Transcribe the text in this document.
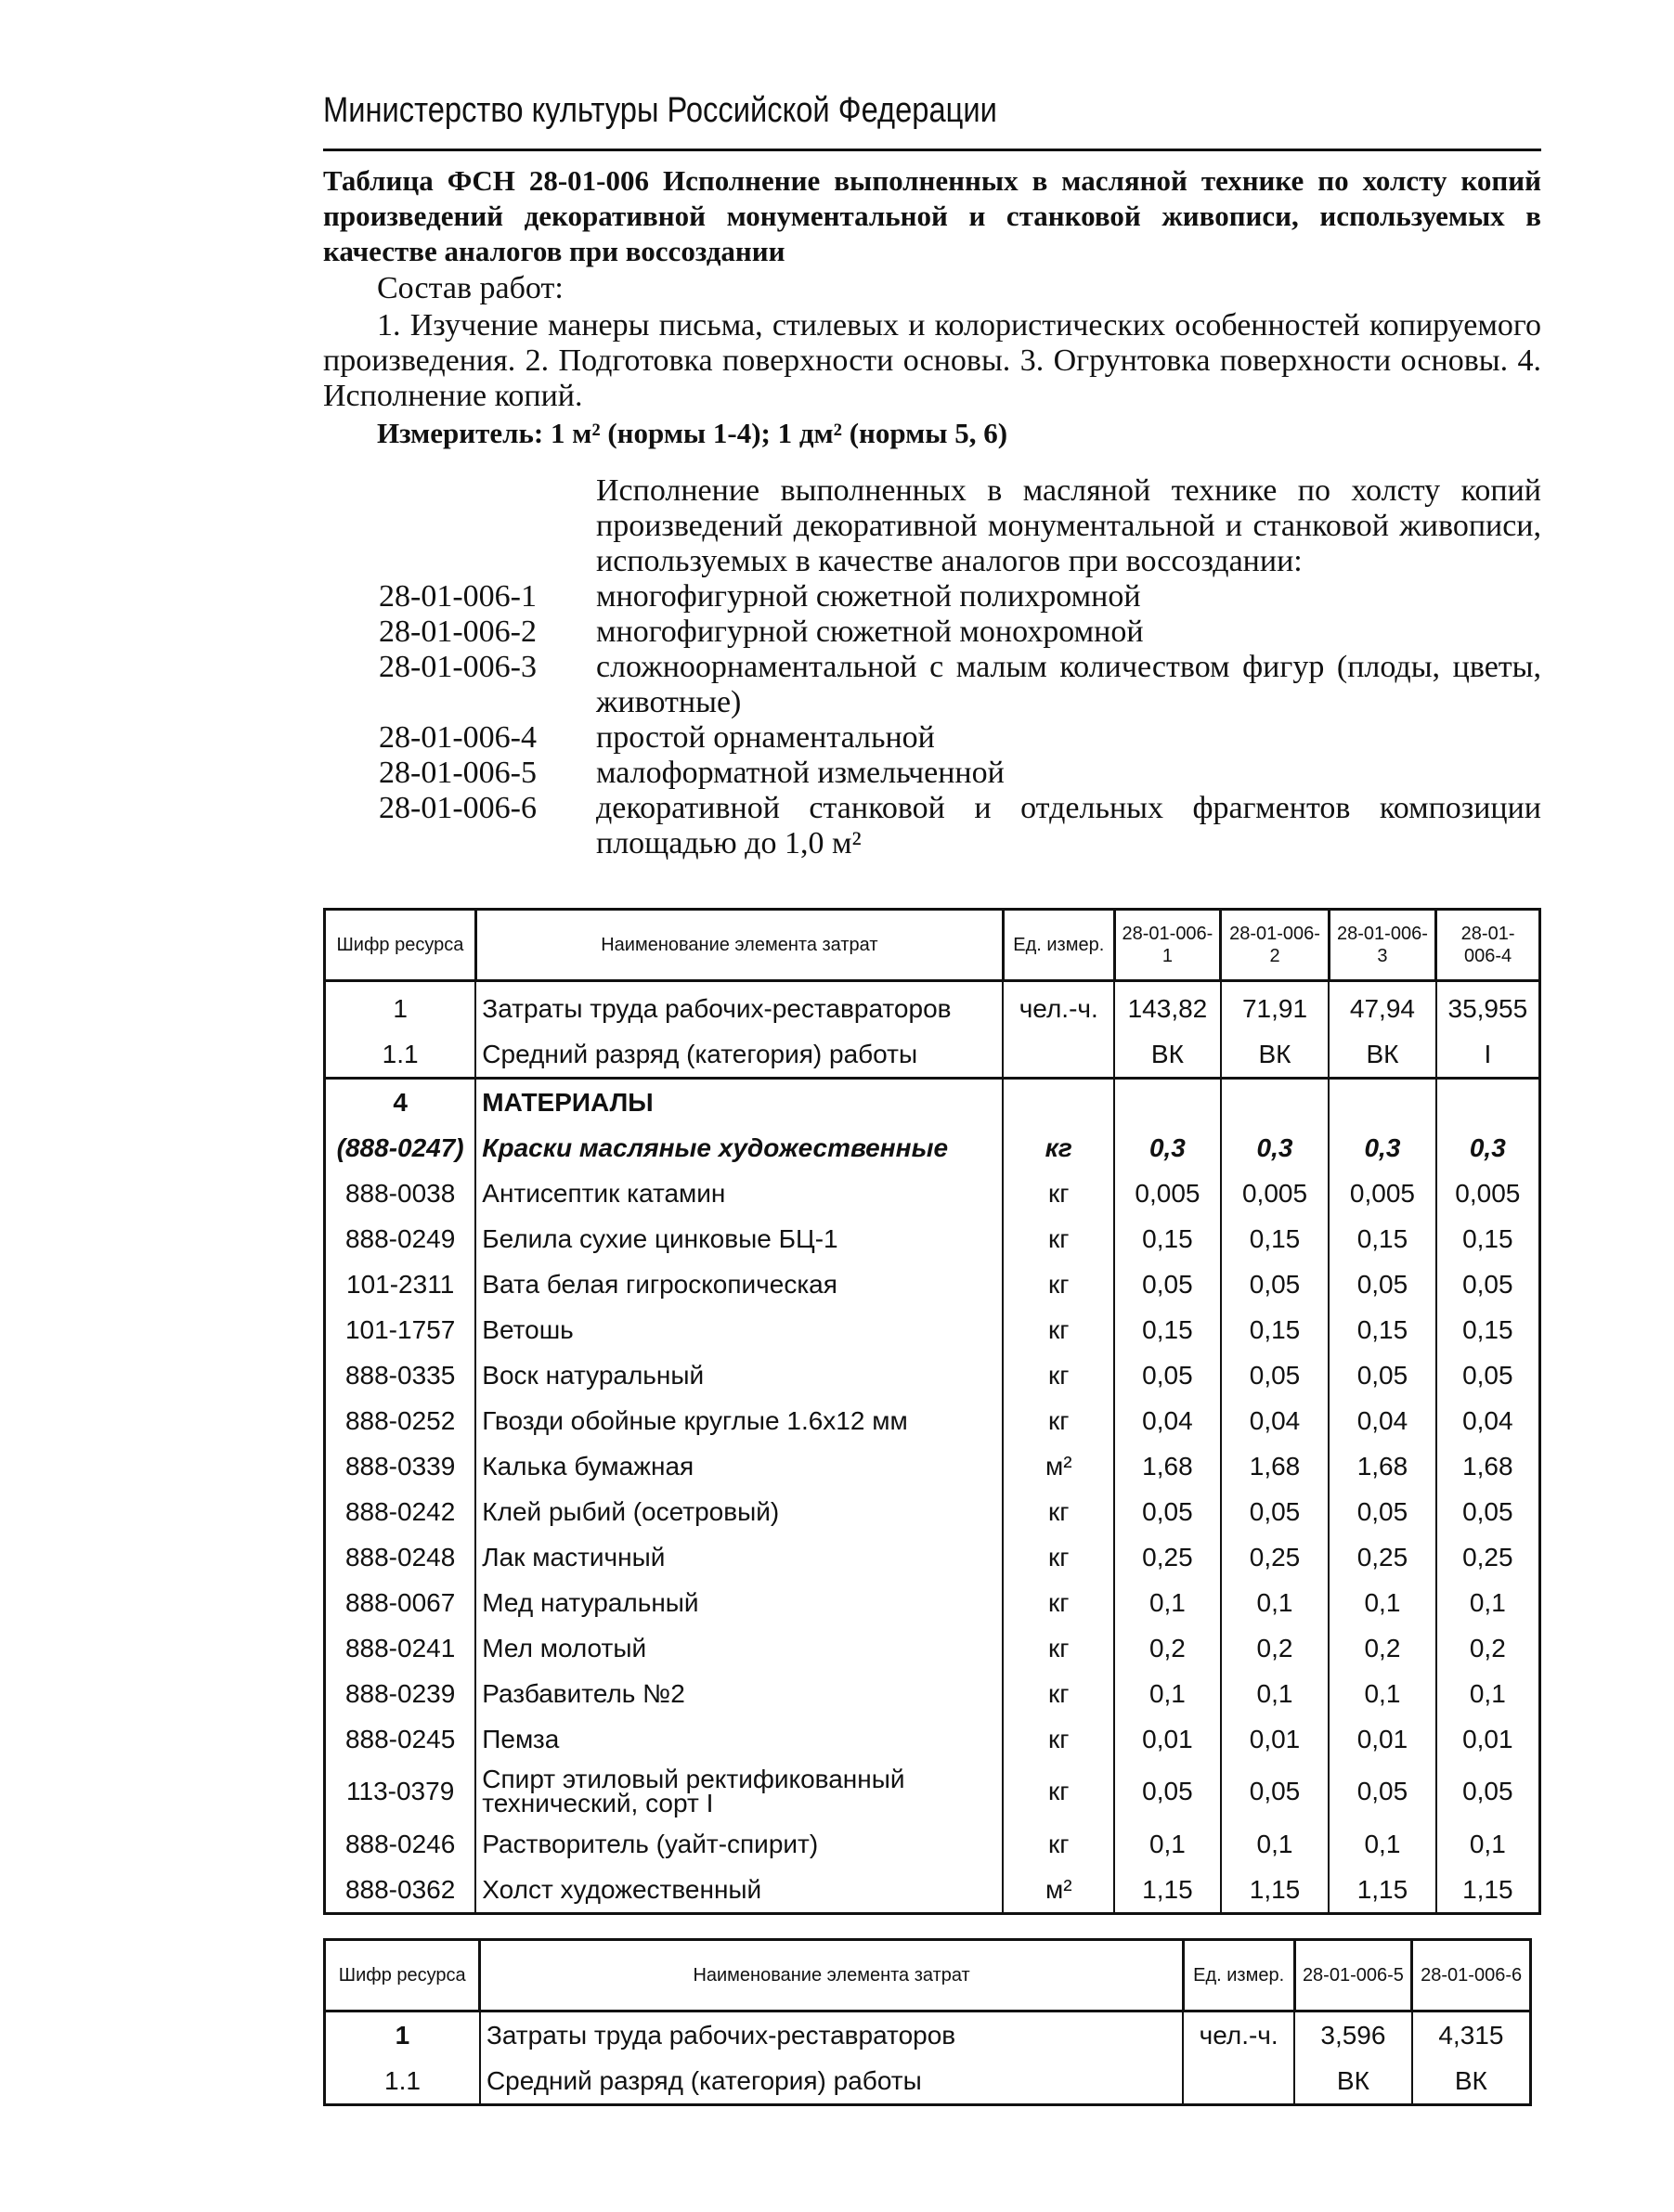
Министерство культуры Российской Федерации
Таблица ФСН 28-01-006 Исполнение выполненных в масляной технике по холсту копий произведений декоративной монументальной и станковой живописи, используемых в качестве аналогов при воссоздании
Состав работ:
1. Изучение манеры письма, стилевых и колористических особенностей копируемого произведения. 2. Подготовка поверхности основы. 3. Огрунтовка поверхности основы. 4. Исполнение копий.
Измеритель: 1 м² (нормы 1-4); 1 дм² (нормы 5, 6)
Исполнение выполненных в масляной технике по холсту копий произведений декоративной монументальной и станковой живописи, используемых в качестве аналогов при воссоздании:
28-01-006-1	многофигурной сюжетной полихромной
28-01-006-2	многофигурной сюжетной монохромной
28-01-006-3	сложноорнаментальной с малым количеством фигур (плоды, цветы, животные)
28-01-006-4	простой орнаментальной
28-01-006-5	малоформатной измельченной
28-01-006-6	декоративной станковой и отдельных фрагментов композиции площадью до 1,0 м²
Шифр ресурса	Наименование элемента затрат	Ед. измер.	28-01-006-1	28-01-006-2	28-01-006-3	28-01-006-4
1	Затраты труда рабочих-реставраторов	чел.-ч.	143,82	71,91	47,94	35,955
1.1	Средний разряд (категория) работы		ВК	ВК	ВК	I
4	МАТЕРИАЛЫ					
(888-0247)	Краски масляные художественные	кг	0,3	0,3	0,3	0,3
888-0038	Антисептик катамин	кг	0,005	0,005	0,005	0,005
888-0249	Белила сухие цинковые БЦ-1	кг	0,15	0,15	0,15	0,15
101-2311	Вата белая гигроскопическая	кг	0,05	0,05	0,05	0,05
101-1757	Ветошь	кг	0,15	0,15	0,15	0,15
888-0335	Воск натуральный	кг	0,05	0,05	0,05	0,05
888-0252	Гвозди обойные круглые 1.6х12 мм	кг	0,04	0,04	0,04	0,04
888-0339	Калька бумажная	м²	1,68	1,68	1,68	1,68
888-0242	Клей рыбий (осетровый)	кг	0,05	0,05	0,05	0,05
888-0248	Лак мастичный	кг	0,25	0,25	0,25	0,25
888-0067	Мед натуральный	кг	0,1	0,1	0,1	0,1
888-0241	Мел молотый	кг	0,2	0,2	0,2	0,2
888-0239	Разбавитель №2	кг	0,1	0,1	0,1	0,1
888-0245	Пемза	кг	0,01	0,01	0,01	0,01
113-0379	Спирт этиловый ректификованный технический, сорт I	кг	0,05	0,05	0,05	0,05
888-0246	Растворитель (уайт-спирит)	кг	0,1	0,1	0,1	0,1
888-0362	Холст художественный	м²	1,15	1,15	1,15	1,15
Шифр ресурса	Наименование элемента затрат	Ед. измер.	28-01-006-5	28-01-006-6
1	Затраты труда рабочих-реставраторов	чел.-ч.	3,596	4,315
1.1	Средний разряд (категория) работы		ВК	ВК
